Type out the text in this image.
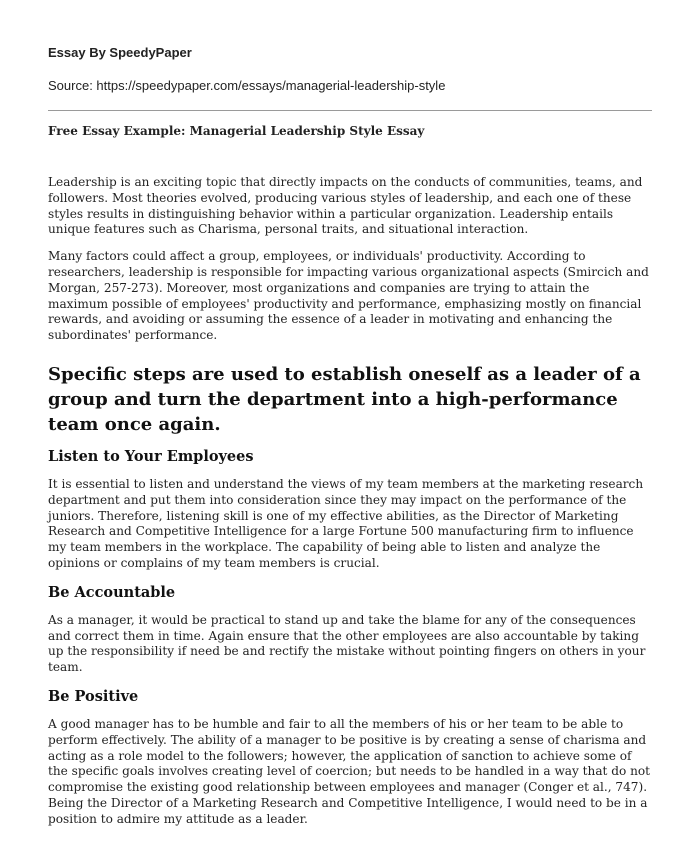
Essay By SpeedyPaper
Source: https://speedypaper.com/essays/managerial-leadership-style
Free Essay Example: Managerial Leadership Style Essay

Leadership is an exciting topic that directly impacts on the conducts of communities, teams, and followers. Most theories evolved, producing various styles of leadership, and each one of these styles results in distinguishing behavior within a particular organization. Leadership entails unique features such as Charisma, personal traits, and situational interaction.

Many factors could affect a group, employees, or individuals' productivity. According to researchers, leadership is responsible for impacting various organizational aspects (Smircich and Morgan, 257-273). Moreover, most organizations and companies are trying to attain the maximum possible of employees' productivity and performance, emphasizing mostly on financial rewards, and avoiding or assuming the essence of a leader in motivating and enhancing the subordinates' performance.

Specific steps are used to establish oneself as a leader of a group and turn the department into a high-performance team once again.
Listen to Your Employees

It is essential to listen and understand the views of my team members at the marketing research department and put them into consideration since they may impact on the performance of the juniors. Therefore, listening skill is one of my effective abilities, as the Director of Marketing Research and Competitive Intelligence for a large Fortune 500 manufacturing firm to influence my team members in the workplace. The capability of being able to listen and analyze the opinions or complains of my team members is crucial.

Be Accountable

As a manager, it would be practical to stand up and take the blame for any of the consequences and correct them in time. Again ensure that the other employees are also accountable by taking up the responsibility if need be and rectify the mistake without pointing fingers on others in your team.

Be Positive

A good manager has to be humble and fair to all the members of his or her team to be able to perform effectively. The ability of a manager to be positive is by creating a sense of charisma and acting as a role model to the followers; however, the application of sanction to achieve some of the specific goals involves creating level of coercion; but needs to be handled in a way that do not compromise the existing good relationship between employees and manager (Conger et al., 747). Being the Director of a Marketing Research and Competitive Intelligence, I would need to be in a position to admire my attitude as a leader.
